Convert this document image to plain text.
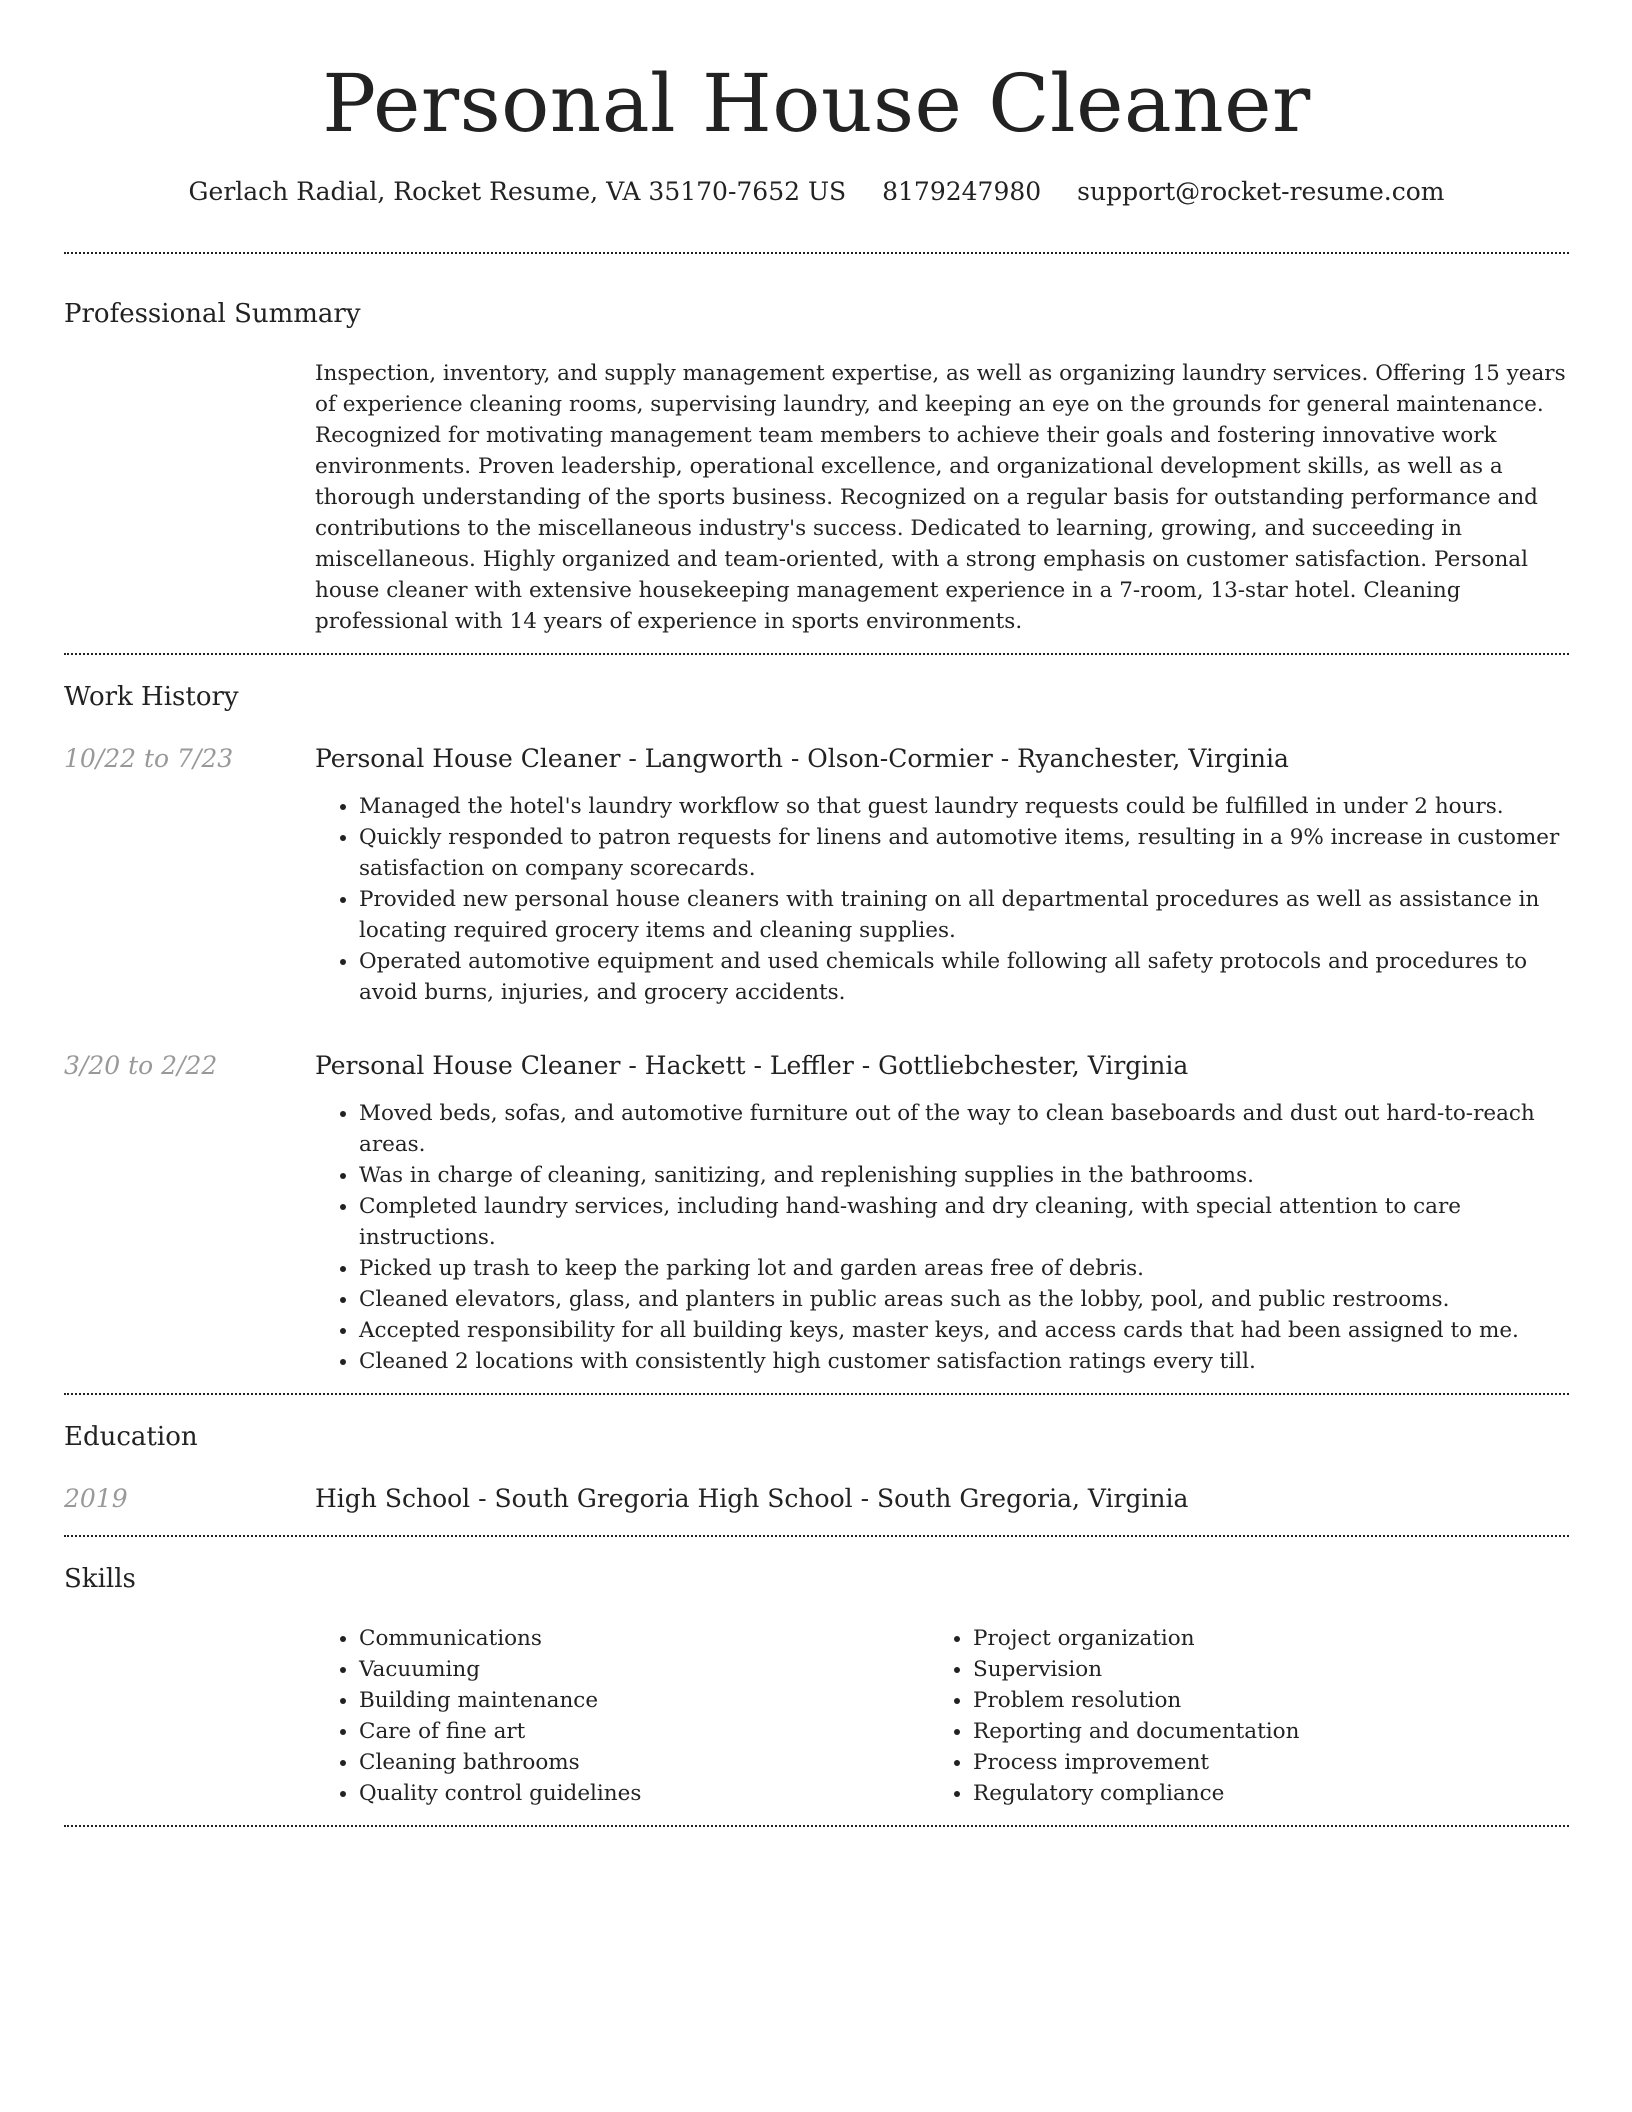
Personal House Cleaner
Gerlach Radial, Rocket Resume, VA 35170-7652 US 8179247980 support@rocket-resume.com
Professional Summary
Inspection, inventory, and supply management expertise, as well as organizing laundry services. Offering 15 years of experience cleaning rooms, supervising laundry, and keeping an eye on the grounds for general maintenance. Recognized for motivating management team members to achieve their goals and fostering innovative work environments. Proven leadership, operational excellence, and organizational development skills, as well as a thorough understanding of the sports business. Recognized on a regular basis for outstanding performance and contributions to the miscellaneous industry's success. Dedicated to learning, growing, and succeeding in miscellaneous. Highly organized and team-oriented, with a strong emphasis on customer satisfaction. Personal house cleaner with extensive housekeeping management experience in a 7-room, 13-star hotel. Cleaning professional with 14 years of experience in sports environments.
Work History
10/22 to 7/23	Personal House Cleaner - Langworth - Olson-Cormier - Ryanchester, Virginia
• Managed the hotel's laundry workflow so that guest laundry requests could be fulfilled in under 2 hours.
• Quickly responded to patron requests for linens and automotive items, resulting in a 9% increase in customer satisfaction on company scorecards.
• Provided new personal house cleaners with training on all departmental procedures as well as assistance in locating required grocery items and cleaning supplies.
• Operated automotive equipment and used chemicals while following all safety protocols and procedures to avoid burns, injuries, and grocery accidents.
3/20 to 2/22	Personal House Cleaner - Hackett - Leffler - Gottliebchester, Virginia
• Moved beds, sofas, and automotive furniture out of the way to clean baseboards and dust out hard-to-reach areas.
• Was in charge of cleaning, sanitizing, and replenishing supplies in the bathrooms.
• Completed laundry services, including hand-washing and dry cleaning, with special attention to care instructions.
• Picked up trash to keep the parking lot and garden areas free of debris.
• Cleaned elevators, glass, and planters in public areas such as the lobby, pool, and public restrooms.
• Accepted responsibility for all building keys, master keys, and access cards that had been assigned to me.
• Cleaned 2 locations with consistently high customer satisfaction ratings every till.
Education
2019	High School - South Gregoria High School - South Gregoria, Virginia
Skills
• Communications
• Vacuuming
• Building maintenance
• Care of fine art
• Cleaning bathrooms
• Quality control guidelines
• Project organization
• Supervision
• Problem resolution
• Reporting and documentation
• Process improvement
• Regulatory compliance
